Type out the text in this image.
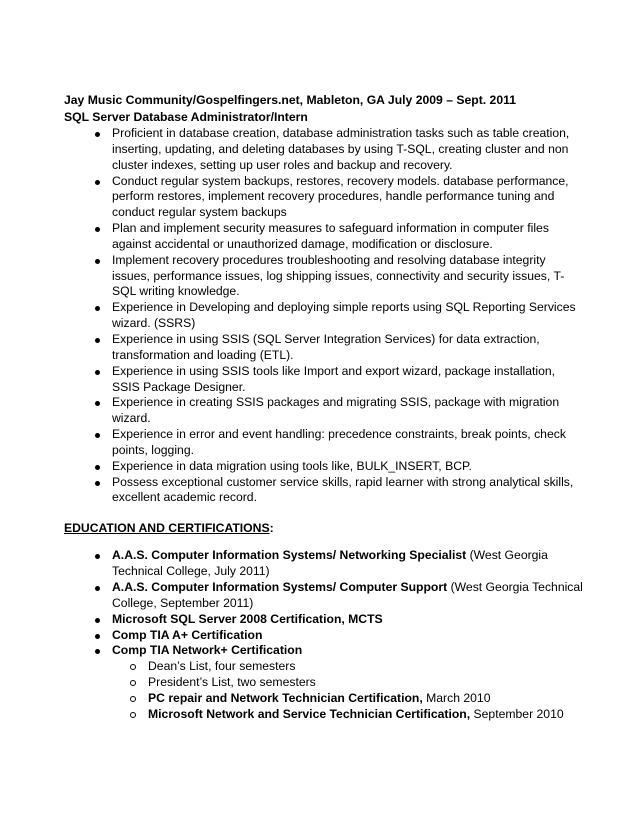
Jay Music Community/Gospelfingers.net, Mableton, GA July 2009 – Sept. 2011
SQL Server Database Administrator/Intern
Proficient in database creation, database administration tasks such as table creation, inserting, updating, and deleting databases by using T-SQL, creating cluster and non cluster indexes, setting up user roles and backup and recovery.
Conduct regular system backups, restores, recovery models. database performance, perform restores, implement recovery procedures, handle performance tuning and conduct regular system backups
Plan and implement security measures to safeguard information in computer files against accidental or unauthorized damage, modification or disclosure.
Implement recovery procedures troubleshooting and resolving database integrity issues, performance issues, log shipping issues, connectivity and security issues, T-SQL writing knowledge.
Experience in Developing and deploying simple reports using SQL Reporting Services wizard. (SSRS)
Experience in using SSIS (SQL Server Integration Services) for data extraction, transformation and loading (ETL).
Experience in using SSIS tools like Import and export wizard, package installation, SSIS Package Designer.
Experience in creating SSIS packages and migrating SSIS, package with migration wizard.
Experience in error and event handling: precedence constraints, break points, check points, logging.
Experience in data migration using tools like, BULK_INSERT, BCP.
Possess exceptional customer service skills, rapid learner with strong analytical skills, excellent academic record.
EDUCATION AND CERTIFICATIONS:
A.A.S. Computer Information Systems/ Networking Specialist (West Georgia Technical College, July 2011)
A.A.S. Computer Information Systems/ Computer Support (West Georgia Technical College, September 2011)
Microsoft SQL Server 2008 Certification, MCTS
Comp TIA A+ Certification
Comp TIA Network+ Certification
Dean’s List, four semesters
President’s List, two semesters
PC repair and Network Technician Certification, March 2010
Microsoft Network and Service Technician Certification, September 2010
